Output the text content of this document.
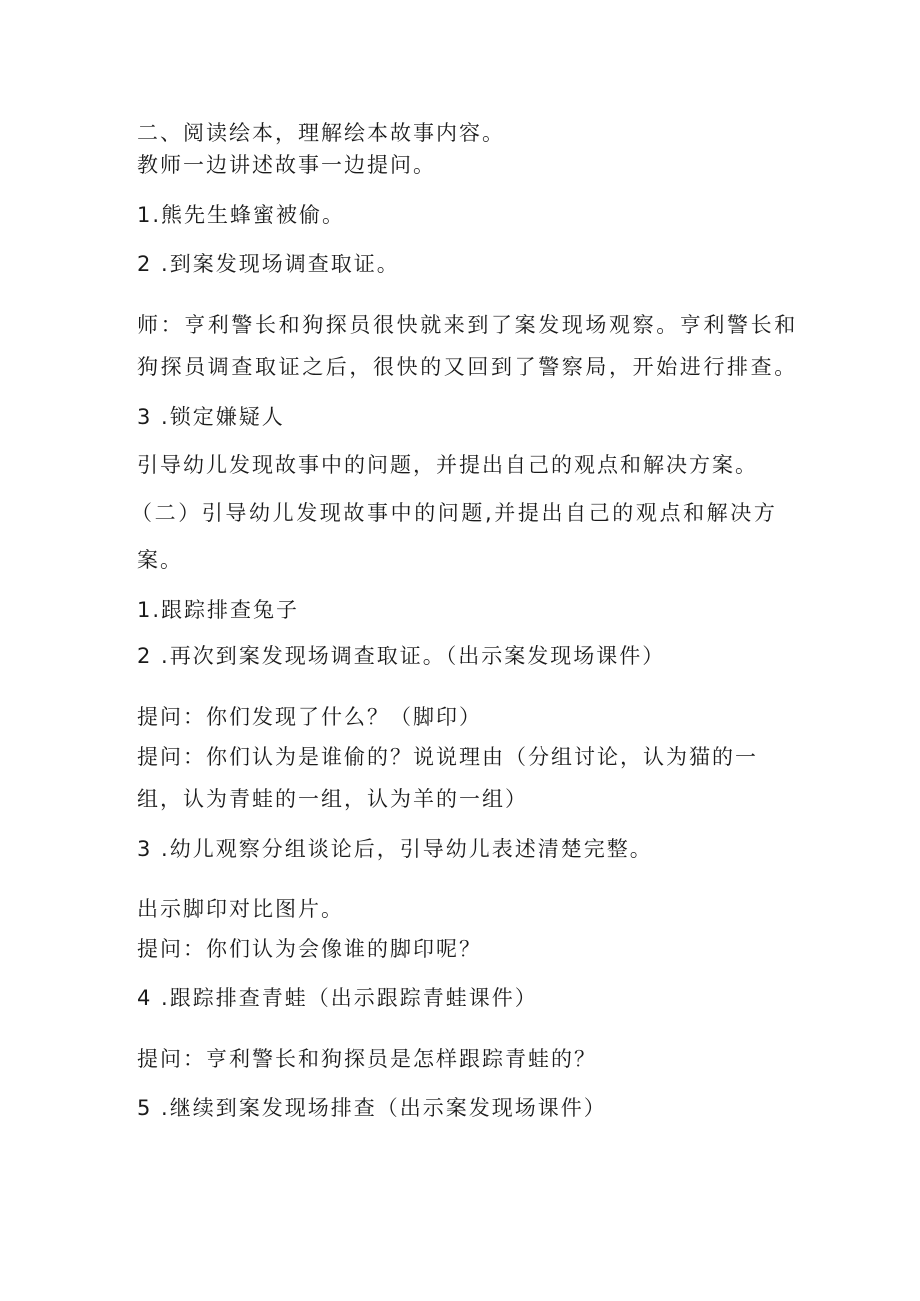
二、阅读绘本，理解绘本故事内容。
教师一边讲述故事一边提问。
1.熊先生蜂蜜被偷。
2 .到案发现场调查取证。
师：亨利警长和狗探员很快就来到了案发现场观察。亨利警长和
狗探员调查取证之后，很快的又回到了警察局，开始进行排查。
3 .锁定嫌疑人
引导幼儿发现故事中的问题，并提出自己的观点和解决方案。
（二）引导幼儿发现故事中的问题,并提出自己的观点和解决方
案。
1.跟踪排查兔子
2 .再次到案发现场调查取证。（出示案发现场课件）
提问：你们发现了什么？（脚印）
提问：你们认为是谁偷的？说说理由（分组讨论，认为猫的一
组，认为青蛙的一组，认为羊的一组）
3 .幼儿观察分组谈论后，引导幼儿表述清楚完整。
出示脚印对比图片。
提问：你们认为会像谁的脚印呢？
4 .跟踪排查青蛙（出示跟踪青蛙课件）
提问：亨利警长和狗探员是怎样跟踪青蛙的？
5 .继续到案发现场排查（出示案发现场课件）
